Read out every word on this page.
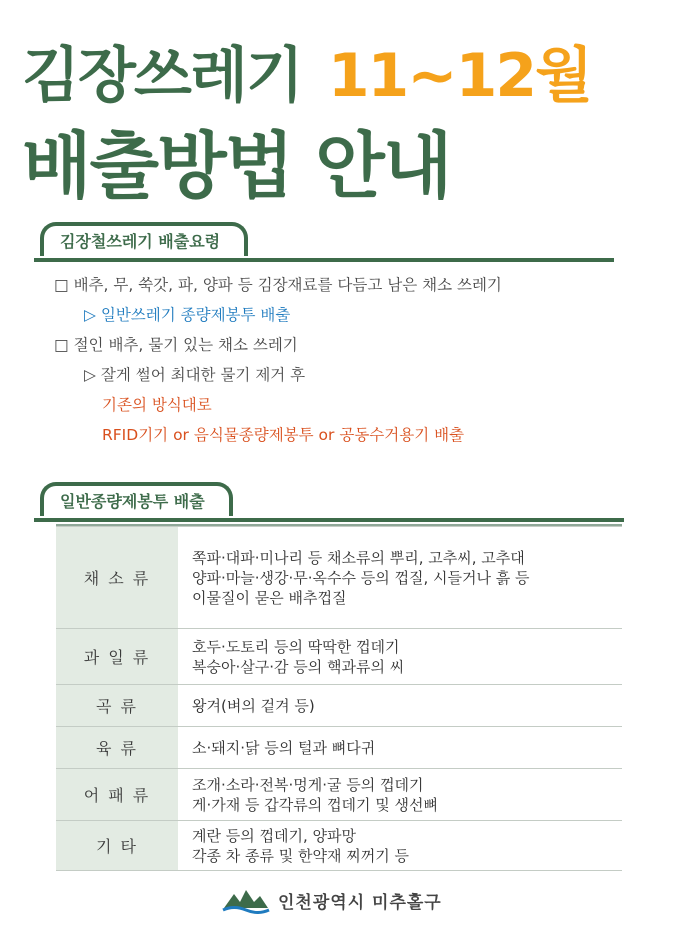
김장쓰레기 11~12월
배출방법 안내
김장철쓰레기 배출요령
□ 배추, 무, 쑥갓, 파, 양파 등 김장재료를 다듬고 남은 채소 쓰레기
▷ 일반쓰레기 종량제봉투 배출
□ 절인 배추, 물기 있는 채소 쓰레기
▷ 잘게 썰어 최대한 물기 제거 후
기존의 방식대로
RFID기기 or 음식물종량제봉투 or 공동수거용기 배출
일반종량제봉투 배출
채 소 류	쪽파·대파·미나리 등 채소류의 뿌리, 고추씨, 고추대
양파·마늘·생강·무·옥수수 등의 껍질, 시들거나 흙 등
이물질이 묻은 배추껍질

과 일 류	호두·도토리 등의 딱딱한 껍데기
복숭아·살구·감 등의 핵과류의 씨

곡 류	왕겨(벼의 겉겨 등)

육 류	소·돼지·닭 등의 털과 뼈다귀

어 패 류	조개·소라·전복·멍게·굴 등의 껍데기
게·가재 등 갑각류의 껍데기 및 생선뼈

기 타	계란 등의 껍데기, 양파망
각종 차 종류 및 한약재 찌꺼기 등
인천광역시 미추홀구
